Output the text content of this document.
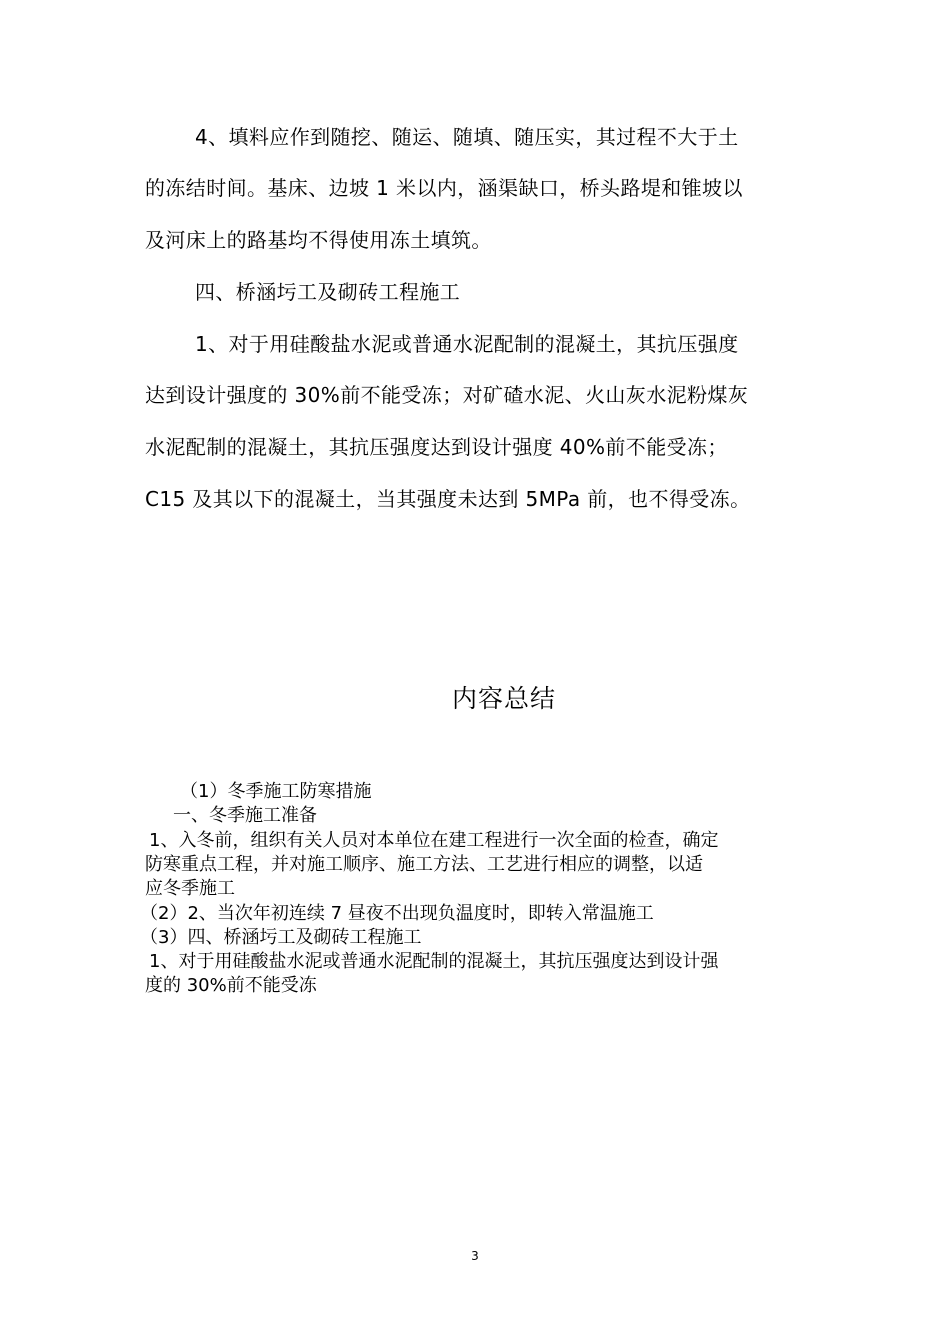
4、填料应作到随挖、随运、随填、随压实，其过程不大于土
的冻结时间。基床、边坡 1 米以内，涵渠缺口，桥头路堤和锥坡以
及河床上的路基均不得使用冻土填筑。
四、桥涵圬工及砌砖工程施工
1、对于用硅酸盐水泥或普通水泥配制的混凝土，其抗压强度
达到设计强度的 30%前不能受冻；对矿碴水泥、火山灰水泥粉煤灰
水泥配制的混凝土，其抗压强度达到设计强度 40%前不能受冻；
C15 及其以下的混凝土，当其强度未达到 5MPa 前，也不得受冻。
内容总结
（1）冬季施工防寒措施
一、冬季施工准备
1、入冬前，组织有关人员对本单位在建工程进行一次全面的检查，确定
防寒重点工程，并对施工顺序、施工方法、工艺进行相应的调整，以适
应冬季施工
（2）2、当次年初连续 7 昼夜不出现负温度时，即转入常温施工
（3）四、桥涵圬工及砌砖工程施工
1、对于用硅酸盐水泥或普通水泥配制的混凝土，其抗压强度达到设计强
度的 30%前不能受冻
3
